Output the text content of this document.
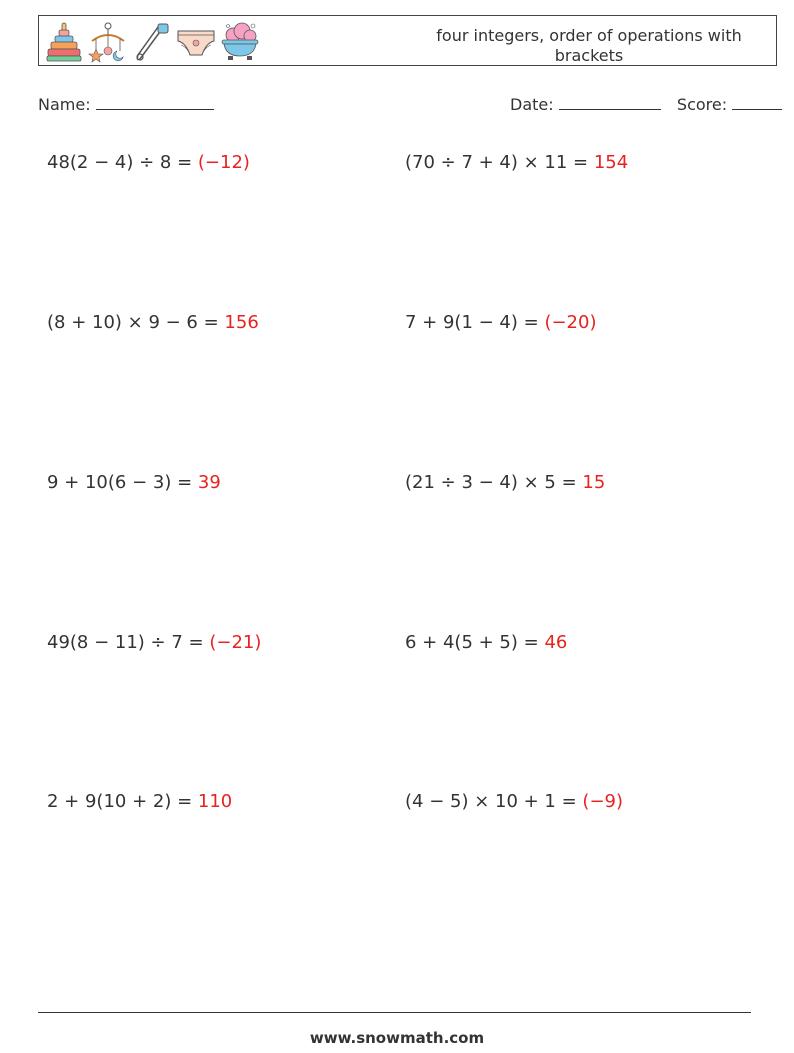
four integers, order of operations with brackets
Name:	Date:	Score:
48(2 − 4) ÷ 8 = (−12)	(70 ÷ 7 + 4) × 11 = 154
(8 + 10) × 9 − 6 = 156	7 + 9(1 − 4) = (−20)
9 + 10(6 − 3) = 39	(21 ÷ 3 − 4) × 5 = 15
49(8 − 11) ÷ 7 = (−21)	6 + 4(5 + 5) = 46
2 + 9(10 + 2) = 110	(4 − 5) × 10 + 1 = (−9)
www.snowmath.com
